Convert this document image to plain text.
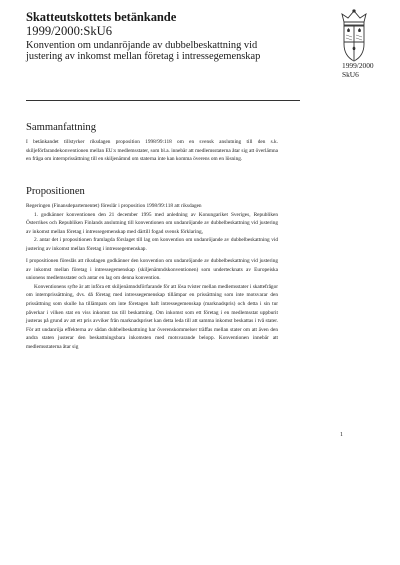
Skatteutskottets betänkande

1999/2000:SkU6

Konvention om undanröjande av dubbelbeskattning vid justering av inkomst mellan företag i intressegemenskap

1999/2000
SkU6
Sammanfattning

I betänkandet tillstyrker riksdagen proposition 1998/99:118 om en svensk anslutning till den s.k. skiljeförfarandekonventionen mellan EU:s medlemsstater, som bl.a. innebär att medlemsstaterna åtar sig att överlämna en fråga om internprissättning till en skiljenämnd om staterna inte kan komma överens om en lösning.

Propositionen

Regeringen (Finansdepartementet) föreslår i proposition 1998/99:118 att riksdagen

1. godkänner konventionen den 21 december 1995 med anledning av Konungariket Sveriges, Republiken Österrikes och Republiken Finlands anslutning till konventionen om undanröjande av dubbelbeskattning vid justering av inkomst mellan företag i intressegemenskap med därtill fogad svensk förklaring,

2. antar det i propositionen framlagda förslaget till lag om konvention om undanröjande av dubbelbeskattning vid justering av inkomst mellan företag i intressegemenskap.

I propositionen föreslås att riksdagen godkänner den konvention om undanröjande av dubbelbeskattning vid justering av inkomst mellan företag i intressegemenskap (skiljenämndskonventionen) som undertecknats av Europeiska unionens medlemsstater och antar en lag om denna konvention.

Konventionens syfte är att införa ett skiljenämndsförfarande för att lösa tvister mellan medlemsstater i skattefrågor om internprissättning, dvs. då företag med intressegemenskap tillämpar en prissättning som inte motsvarar den prissättning som skulle ha tillämpats om inte företagen haft intressegemenskap (marknadspris) och detta i sin tur påverkar i vilken stat en viss inkomst tas till beskattning. Om inkomst som ett företag i en medlemsstat uppburit justeras på grund av att ett pris avviker från marknadspriset kan detta leda till att samma inkomst beskattas i två stater. För att undanröja effekterna av sådan dubbelbeskattning har överenskommelser träffas mellan stater om att även den andra staten justerar den beskattningsbara inkomsten med motsvarande belopp. Konventionen innebär att medlemsstaterna åtar sig

1
